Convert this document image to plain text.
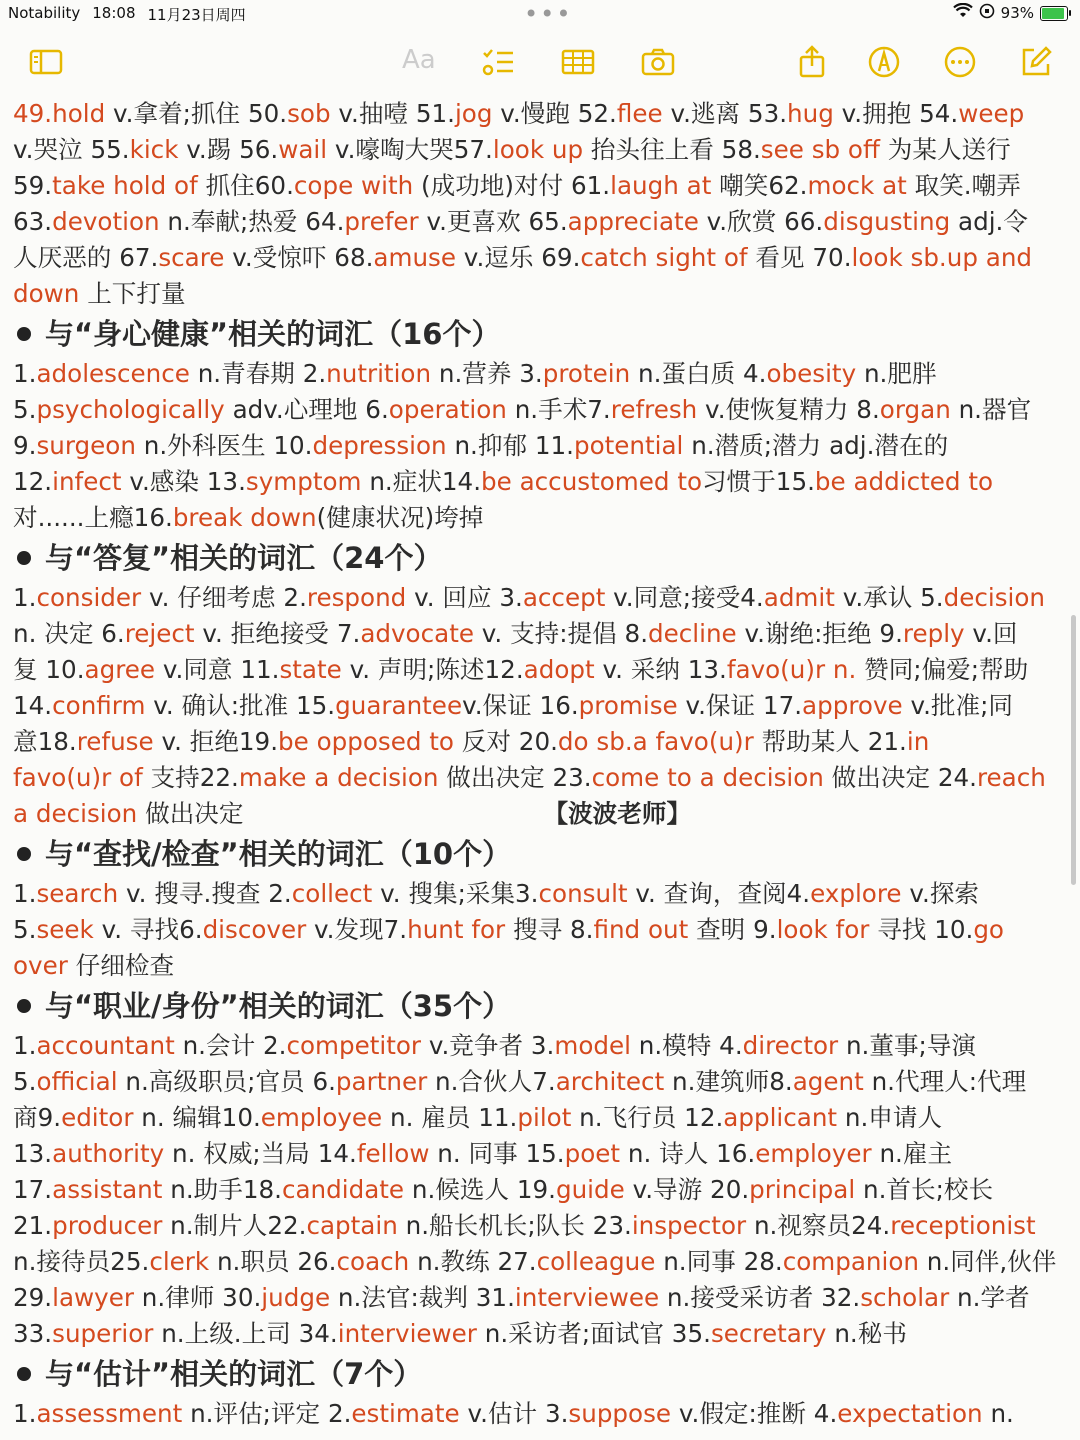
Notability 18:08 11月23日周四	•••	93%
Aa

49.hold v.拿着;抓住 50.sob v.抽噎 51.jog v.慢跑 52.flee v.逃离 53.hug v.拥抱 54.weep

v.哭泣 55.kick v.踢 56.wail v.嚎啕大哭57.look up 抬头往上看 58.see sb off 为某人送行

59.take hold of 抓住60.cope with (成功地)对付 61.laugh at 嘲笑62.mock at 取笑.嘲弄

63.devotion n.奉献;热爱 64.prefer v.更喜欢 65.appreciate v.欣赏 66.disgusting adj.令

人厌恶的 67.scare v.受惊吓 68.amuse v.逗乐 69.catch sight of 看见 70.look sb.up and

down 上下打量

与“身心健康”相关的词汇（16个）

1.adolescence n.青春期 2.nutrition n.营养 3.protein n.蛋白质 4.obesity n.肥胖

5.psychologically adv.心理地 6.operation n.手术7.refresh v.使恢复精力 8.organ n.器官

9.surgeon n.外科医生 10.depression n.抑郁 11.potential n.潜质;潜力 adj.潜在的

12.infect v.感染 13.symptom n.症状14.be accustomed to习惯于15.be addicted to

对......上瘾16.break down(健康状况)垮掉

与“答复”相关的词汇（24个）

1.consider v. 仔细考虑 2.respond v. 回应 3.accept v.同意;接受4.admit v.承认 5.decision

n. 决定 6.reject v. 拒绝接受 7.advocate v. 支持:提倡 8.decline v.谢绝:拒绝 9.reply v.回

复 10.agree v.同意 11.state v. 声明;陈述12.adopt v. 采纳 13.favo(u)r n. 赞同;偏爱;帮助

14.confirm v. 确认:批准 15.guaranteev.保证 16.promise v.保证 17.approve v.批准;同

意18.refuse v. 拒绝19.be opposed to 反对 20.do sb.a favo(u)r 帮助某人 21.in

favo(u)r of 支持22.make a decision 做出决定 23.come to a decision 做出决定 24.reach

a decision 做出决定	【波波老师】

与“查找/检查”相关的词汇（10个）

1.search v. 搜寻.搜查 2.collect v. 搜集;采集3.consult v. 查询，查阅4.explore v.探索

5.seek v. 寻找6.discover v.发现7.hunt for 搜寻 8.find out 查明 9.look for 寻找 10.go

over 仔细检查

与“职业/身份”相关的词汇（35个）

1.accountant n.会计 2.competitor v.竞争者 3.model n.模特 4.director n.董事;导演

5.official n.高级职员;官员 6.partner n.合伙人7.architect n.建筑师8.agent n.代理人:代理

商9.editor n. 编辑10.employee n. 雇员 11.pilot n.飞行员 12.applicant n.申请人

13.authority n. 权威;当局 14.fellow n. 同事 15.poet n. 诗人 16.employer n.雇主

17.assistant n.助手18.candidate n.候选人 19.guide v.导游 20.principal n.首长;校长

21.producer n.制片人22.captain n.船长机长;队长 23.inspector n.视察员24.receptionist

n.接待员25.clerk n.职员 26.coach n.教练 27.colleague n.同事 28.companion n.同伴,伙伴

29.lawyer n.律师 30.judge n.法官:裁判 31.interviewee n.接受采访者 32.scholar n.学者

33.superior n.上级.上司 34.interviewer n.采访者;面试官 35.secretary n.秘书

与“估计”相关的词汇（7个）

1.assessment n.评估;评定 2.estimate v.估计 3.suppose v.假定:推断 4.expectation n.
